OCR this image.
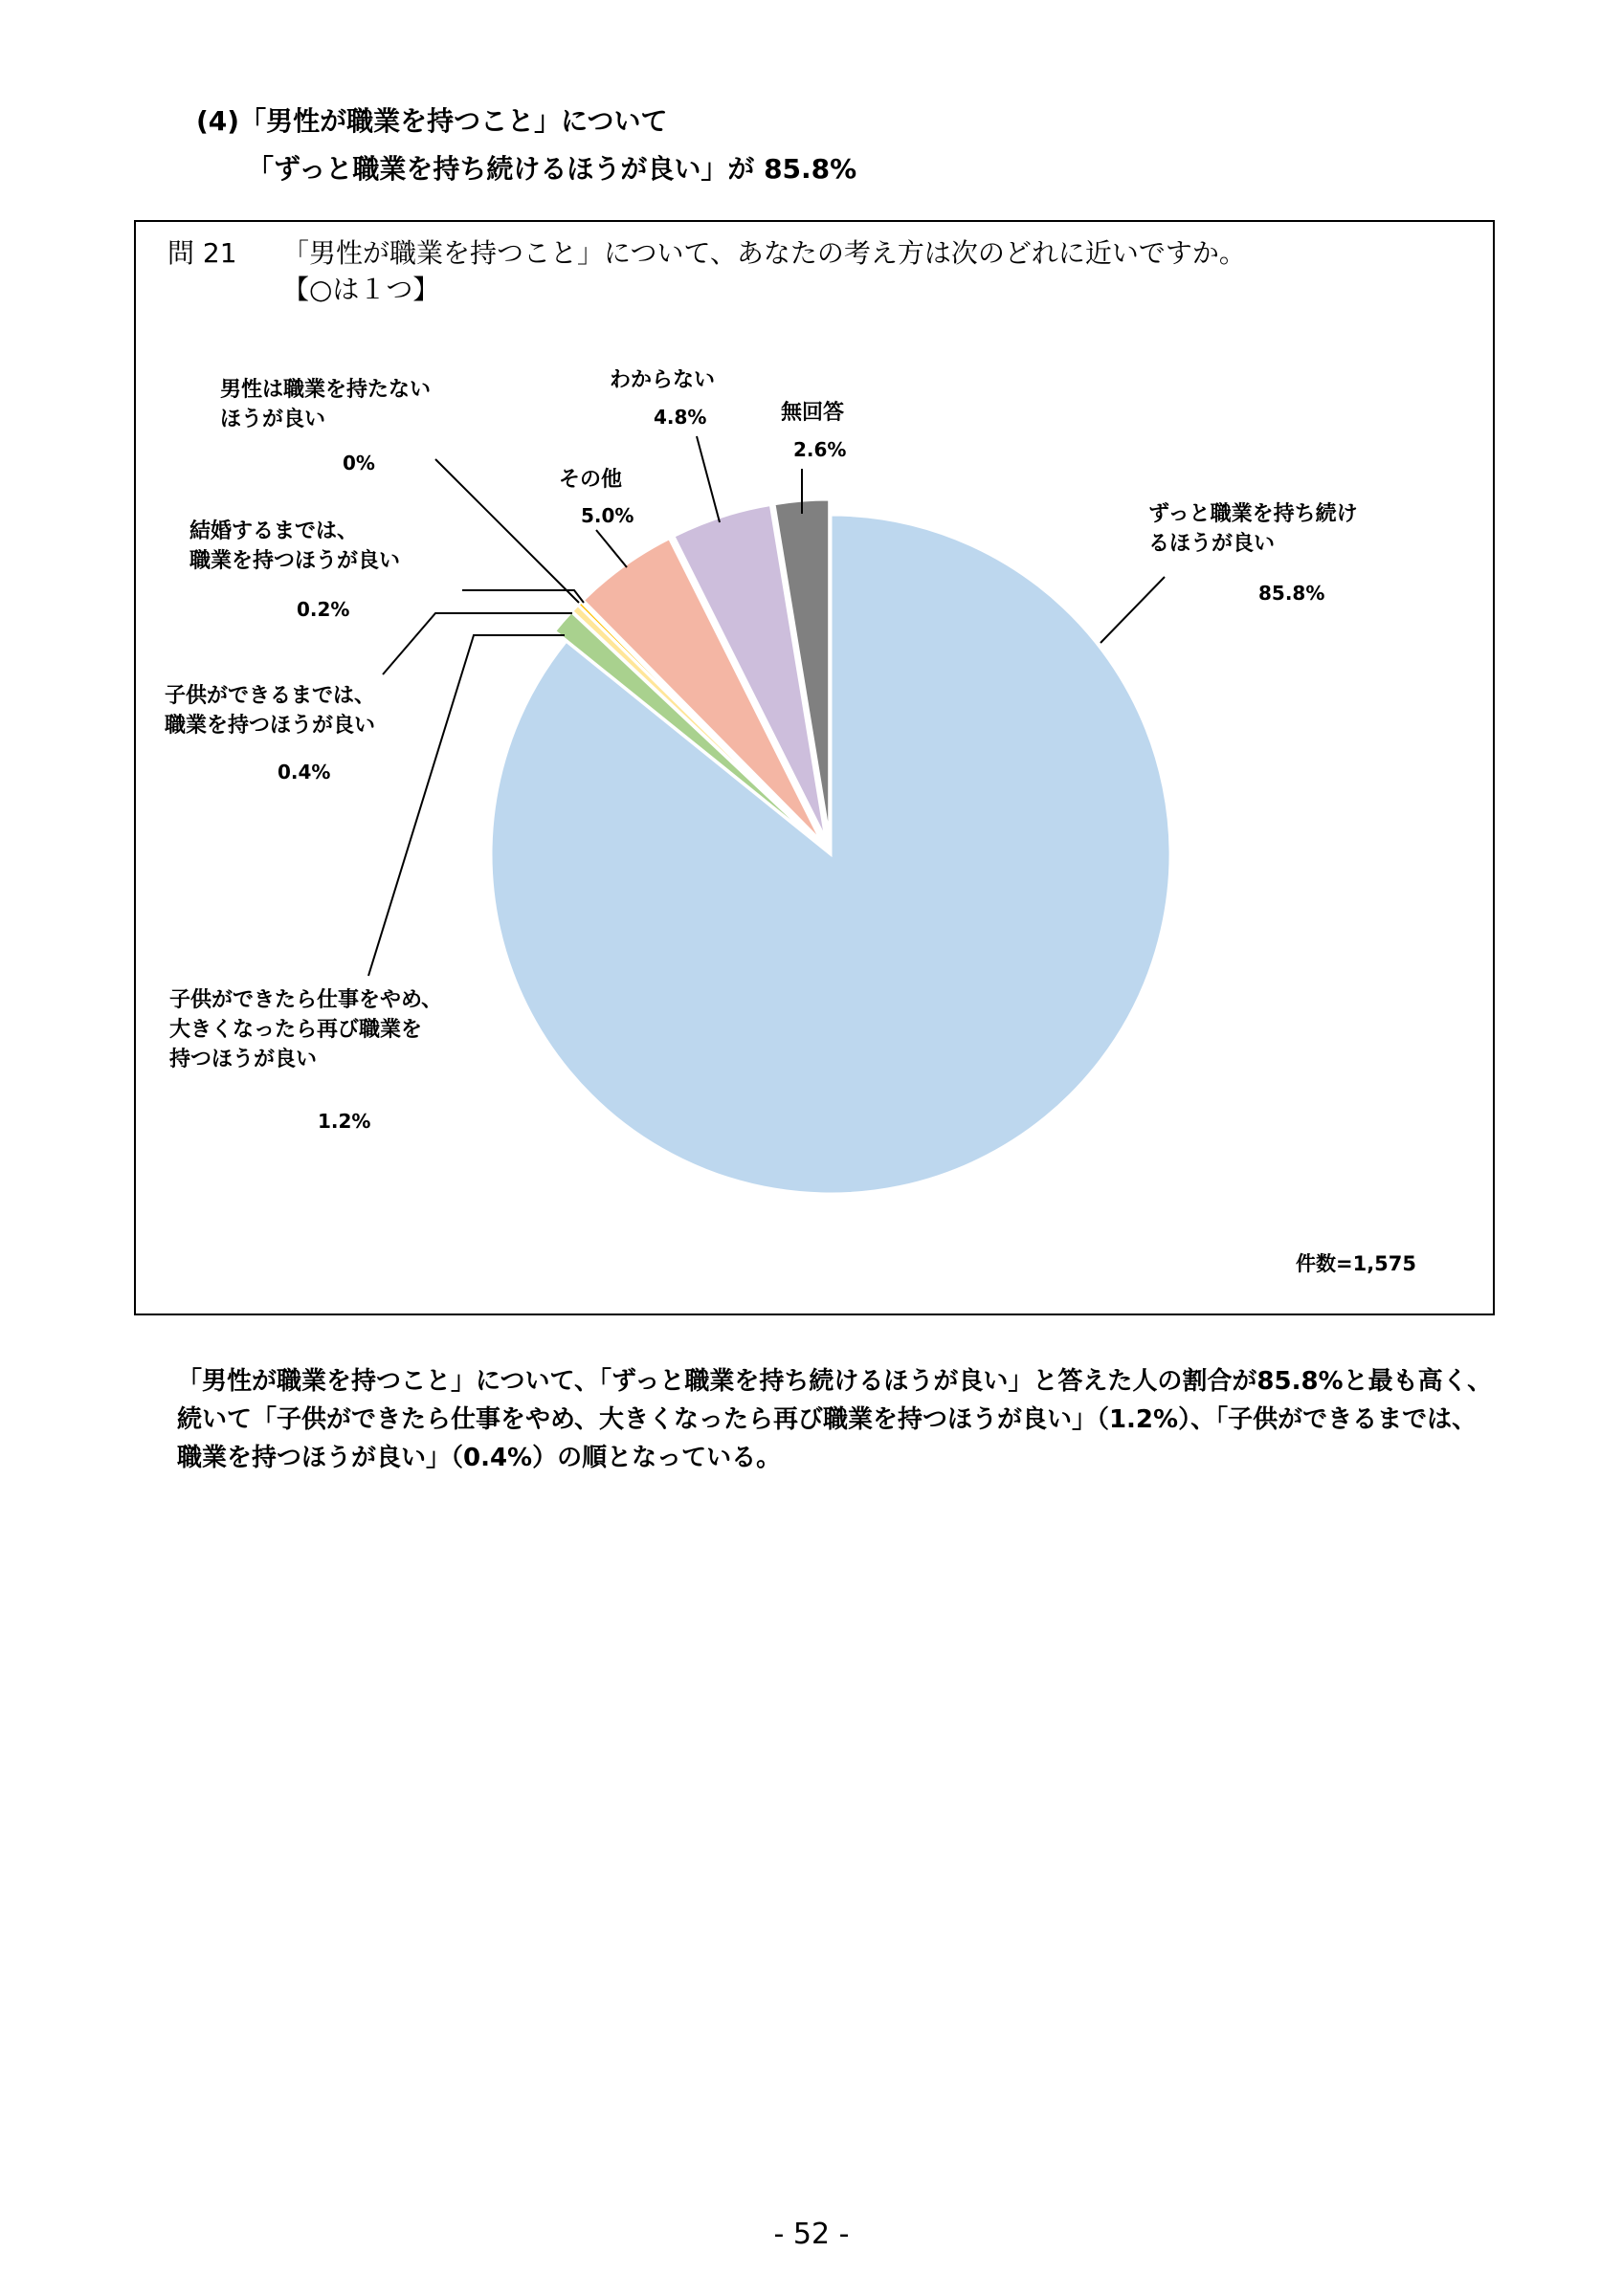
(4)「男性が職業を持つこと」について
「ずっと職業を持ち続けるほうが良い」が 85.8%
問 21 「男性が職業を持つこと」について、あなたの考え方は次のどれに近いですか。
【○は１つ】
ずっと職業を持ち続け
るほうが良い
85.8%
子供ができたら仕事をやめ、
大きくなったら再び職業を
持つほうが良い
1.2%
子供ができるまでは、
職業を持つほうが良い
0.4%
結婚するまでは、
職業を持つほうが良い
0.2%
男性は職業を持たない
ほうが良い
0%
その他
5.0%
わからない
4.8%	無回答
2.6%
件数=1,575

「男性が職業を持つこと」について、「ずっと職業を持ち続けるほうが良い」と答えた人の割合が85.8%と最も高く、続いて「子供ができたら仕事をやめ、大きくなったら再び職業を持つほうが良い」（1.2%）、「子供ができるまでは、職業を持つほうが良い」（0.4%）の順となっている。

- 52 -
